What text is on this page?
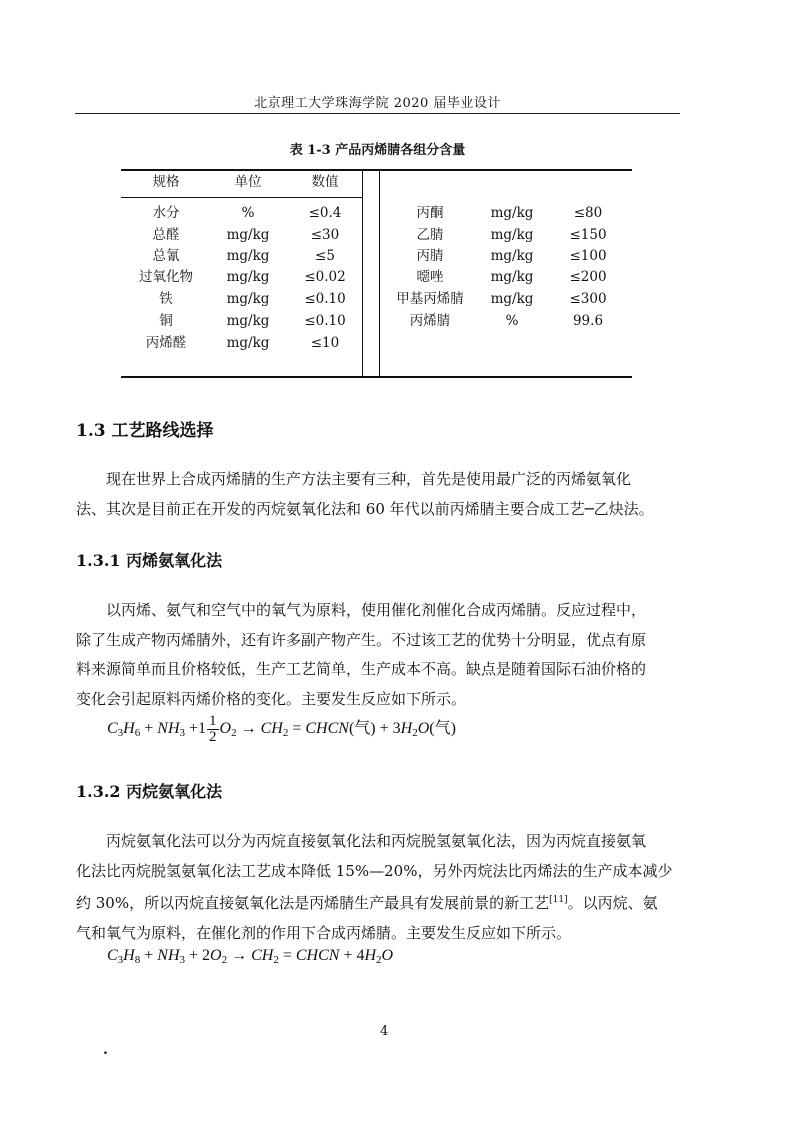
北京理工大学珠海学院 2020 届毕业设计
表 1-3 产品丙烯腈各组分含量
规格	单位	数值
水分	%	≤0.4
总醛	mg/kg	≤30
总氰	mg/kg	≤5
过氧化物 mg/kg	≤0.02
铁	mg/kg	≤0.10
铜	mg/kg	≤0.10
丙烯醛	mg/kg	≤10
丙酮	mg/kg	≤80
乙腈	mg/kg	≤150
丙腈	mg/kg	≤100
噁唑	mg/kg	≤200
甲基丙烯腈 mg/kg	≤300
丙烯腈	%	99.6
1.3 工艺路线选择
现在世界上合成丙烯腈的生产方法主要有三种，首先是使用最广泛的丙烯氨氧化
法、其次是目前正在开发的丙烷氨氧化法和 60 年代以前丙烯腈主要合成工艺─乙炔法。
1.3.1 丙烯氨氧化法
以丙烯、氨气和空气中的氧气为原料，使用催化剂催化合成丙烯腈。反应过程中，
除了生成产物丙烯腈外，还有许多副产物产生。不过该工艺的优势十分明显，优点有原
料来源简单而且价格较低，生产工艺简单，生产成本不高。缺点是随着国际石油价格的
变化会引起原料丙烯价格的变化。主要发生反应如下所示。
$C_3H_6 + NH_3 +1 \frac{1}{2} O_2 \to CH_2$ = CHCN(气) + $3H_2O$(气)
1.3.2 丙烷氨氧化法
丙烷氨氧化法可以分为丙烷直接氨氧化法和丙烷脱氢氨氧化法，因为丙烷直接氨氧
化法比丙烷脱氢氨氧化法工艺成本降低 15%—20%，另外丙烷法比丙烯法的生产成本减少
约 30%，所以丙烷直接氨氧化法是丙烯腈生产最具有发展前景的新工艺[11]。以丙烷、氨
气和氧气为原料，在催化剂的作用下合成丙烯腈。主要发生反应如下所示。
$C_3H_8 + NH_3 + 2O_2 \to CH_2$ = CHCN + $4H_2O$
4
.
